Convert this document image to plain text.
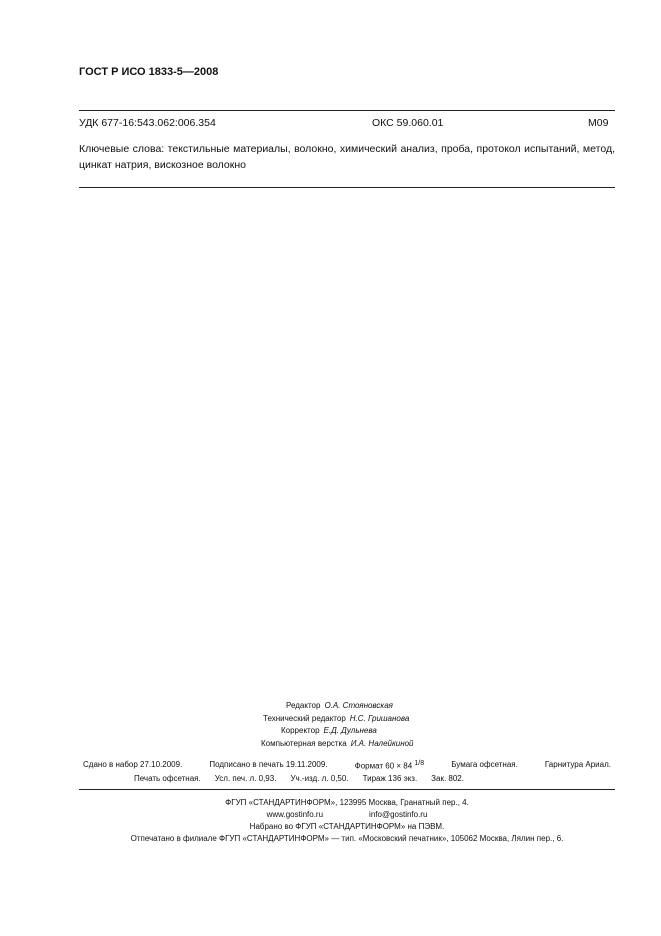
ГОСТ Р ИСО 1833-5—2008
УДК 677-16:543.062:006.354	ОКС 59.060.01	М09
Ключевые слова: текстильные материалы, волокно, химический анализ, проба, протокол испытаний, метод, цинкат натрия, вискозное волокно
Редактор О.А. Стояновская
Технический редактор Н.С. Гришанова
Корректор Е.Д. Дульнева
Компьютерная верстка И.А. Налейкиной
Сдано в набор 27.10.2009.	Подписано в печать 19.11.2009.	Формат 60 × 84 $^{1/8}$	Бумага офсетная.	Гарнитура Ариал.
Печать офсетная. Усл. печ. л. 0,93. Уч.-изд. л. 0,50. Тираж 136 экз. Зак. 802.
ФГУП «СТАНДАРТИНФОРМ», 123995 Москва, Гранатный пер., 4.
www.gostinfo.ru	info@gostinfo.ru
Набрано во ФГУП «СТАНДАРТИНФОРМ» на ПЭВМ.
Отпечатано в филиале ФГУП «СТАНДАРТИНФОРМ» — тип. «Московский печатник», 105062 Москва, Лялин пер., 6.
